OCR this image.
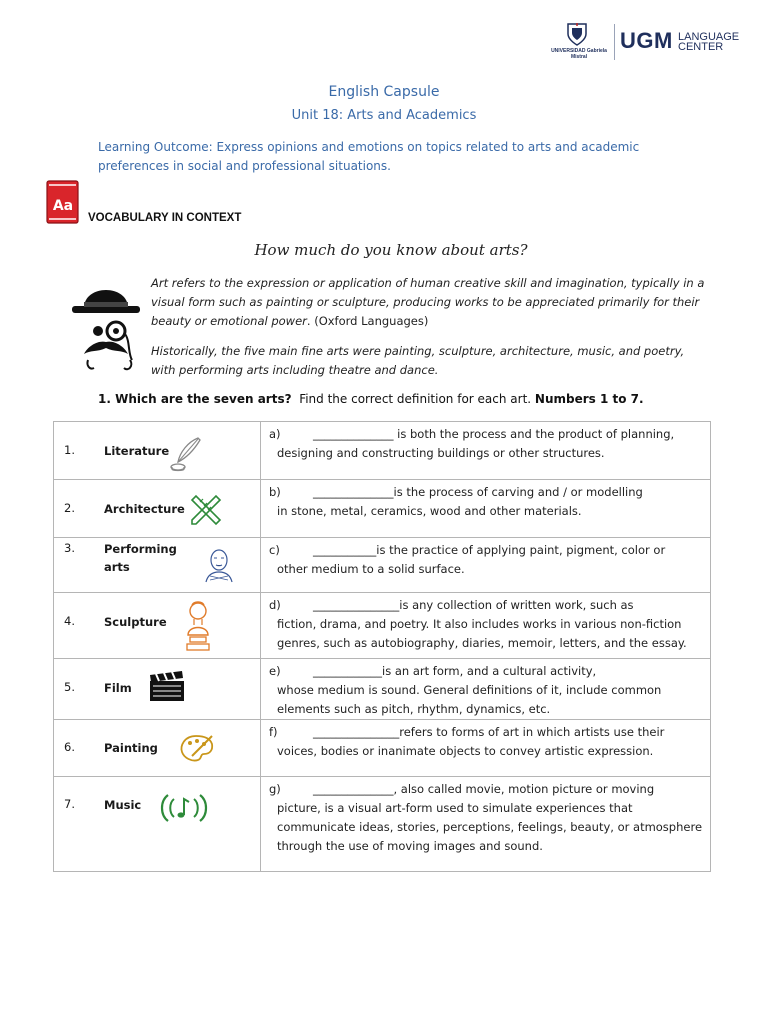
UNIVERSIDAD Gabriela Mistral
UGM LANGUAGE
CENTER
English Capsule
Unit 18: Arts and Academics
Learning Outcome: Express opinions and emotions on topics related to arts and academic preferences in social and professional situations.
Aa
VOCABULARY IN CONTEXT
How much do you know about arts?
Art refers to the expression or application of human creative skill and imagination, typically in a visual form such as painting or sculpture, producing works to be appreciated primarily for their beauty or emotional power. (Oxford Languages)
Historically, the five main fine arts were painting, sculpture, architecture, music, and poetry, with performing arts including theatre and dance.
1. Which are the seven arts?  Find the correct definition for each art. Numbers 1 to 7.
1. Literature	a) ______________ is both the process and the product of planning,
designing and constructing buildings or other structures.

2. Architecture	b) ______________is the process of carving and / or modelling
in stone, metal, ceramics, wood and other materials.

3. Performing arts	c) ___________is the practice of applying paint, pigment, color or
other medium to a solid surface.

4. Sculpture	d) _______________is any collection of written work, such as
fiction, drama, and poetry. It also includes works in various non-fiction genres, such as autobiography, diaries, memoir, letters, and the essay.

5. Film	e) ____________is an art form, and a cultural activity,
whose medium is sound. General definitions of it, include common elements such as pitch, rhythm, dynamics, etc.

6. Painting	f) _______________refers to forms of art in which artists use their
voices, bodies or inanimate objects to convey artistic expression.

7. Music	g) ______________, also called movie, motion picture or moving
picture, is a visual art-form used to simulate experiences that communicate ideas, stories, perceptions, feelings, beauty, or atmosphere through the use of moving images and sound.
